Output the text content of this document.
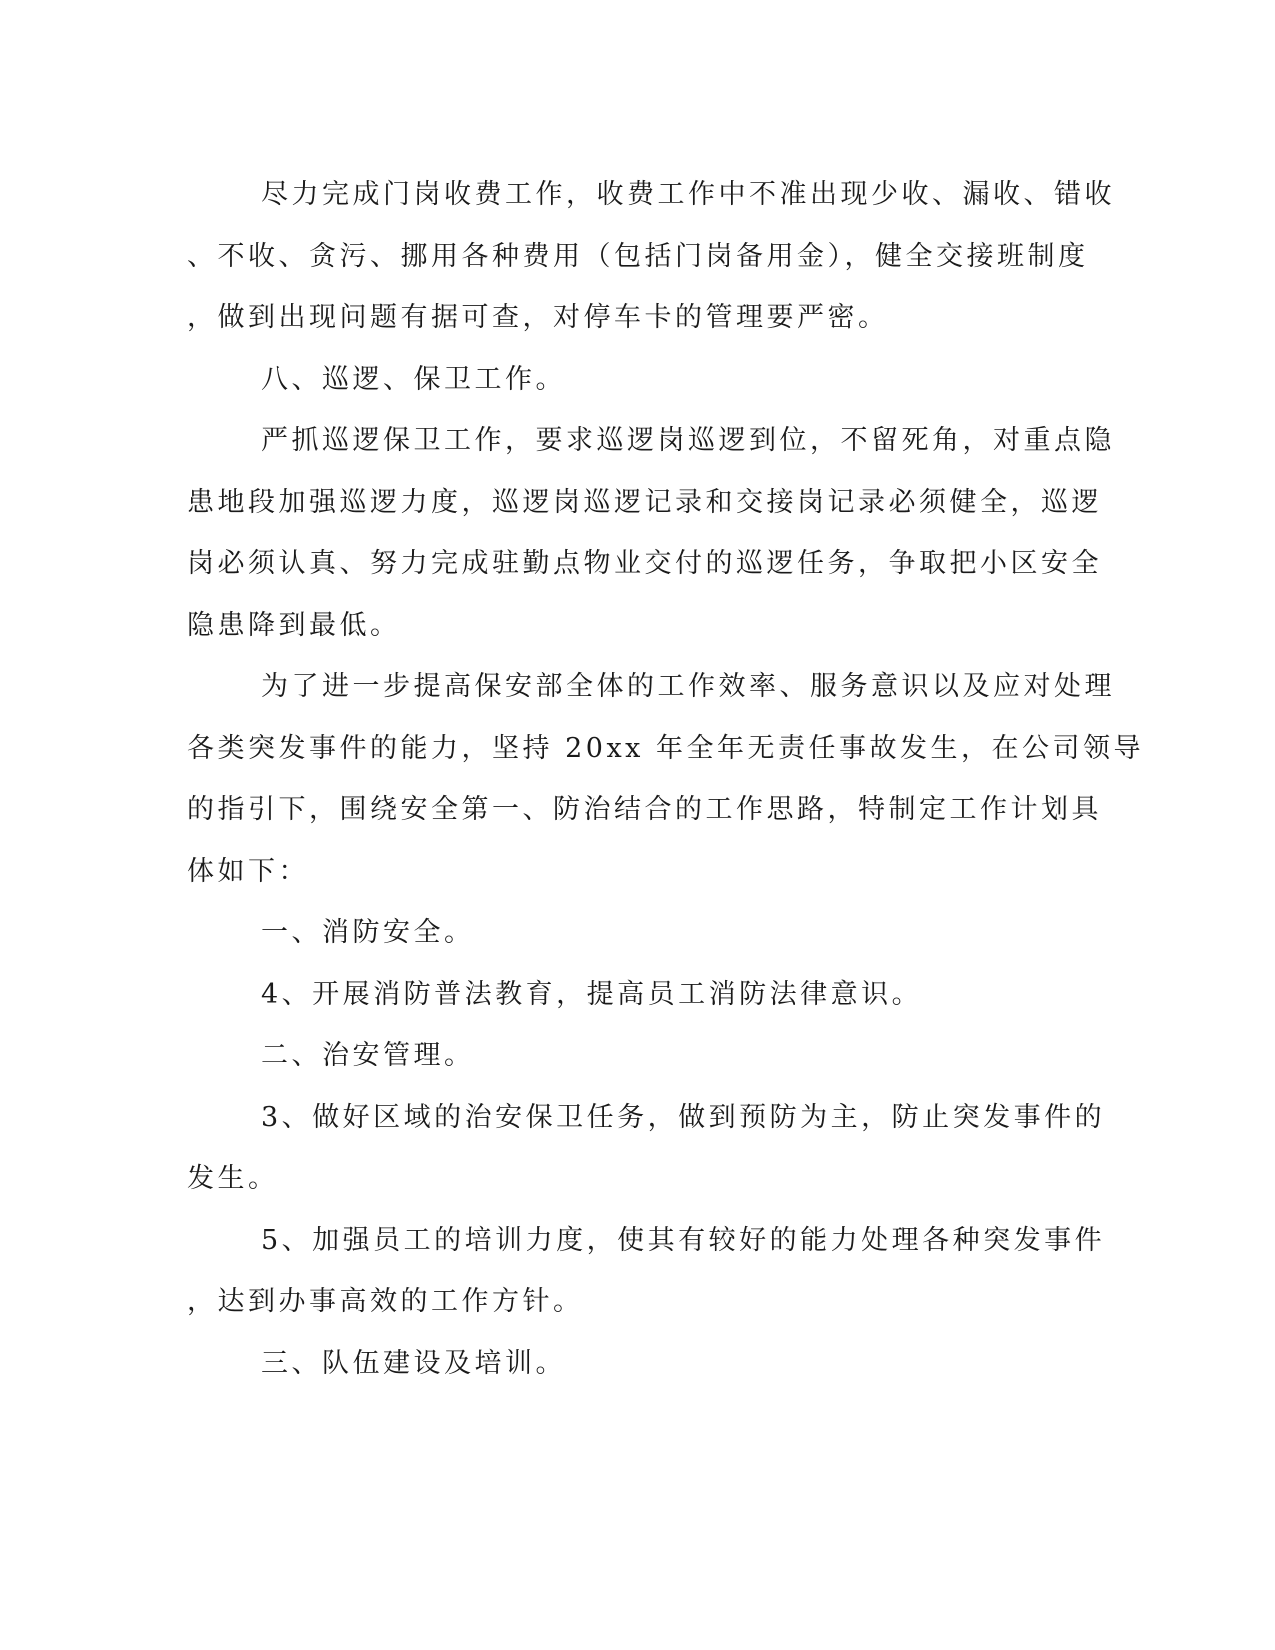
尽力完成门岗收费工作，收费工作中不准出现少收、漏收、错收
、不收、贪污、挪用各种费用（包括门岗备用金），健全交接班制度
，做到出现问题有据可查，对停车卡的管理要严密。
八、巡逻、保卫工作。
严抓巡逻保卫工作，要求巡逻岗巡逻到位，不留死角，对重点隐
患地段加强巡逻力度，巡逻岗巡逻记录和交接岗记录必须健全，巡逻
岗必须认真、努力完成驻勤点物业交付的巡逻任务，争取把小区安全
隐患降到最低。
为了进一步提高保安部全体的工作效率、服务意识以及应对处理
各类突发事件的能力，坚持 20xx 年全年无责任事故发生，在公司领导
的指引下，围绕安全第一、防治结合的工作思路，特制定工作计划具
体如下：
一、消防安全。
4、开展消防普法教育，提高员工消防法律意识。
二、治安管理。
3、做好区域的治安保卫任务，做到预防为主，防止突发事件的
发生。
5、加强员工的培训力度，使其有较好的能力处理各种突发事件
，达到办事高效的工作方针。
三、队伍建设及培训。
